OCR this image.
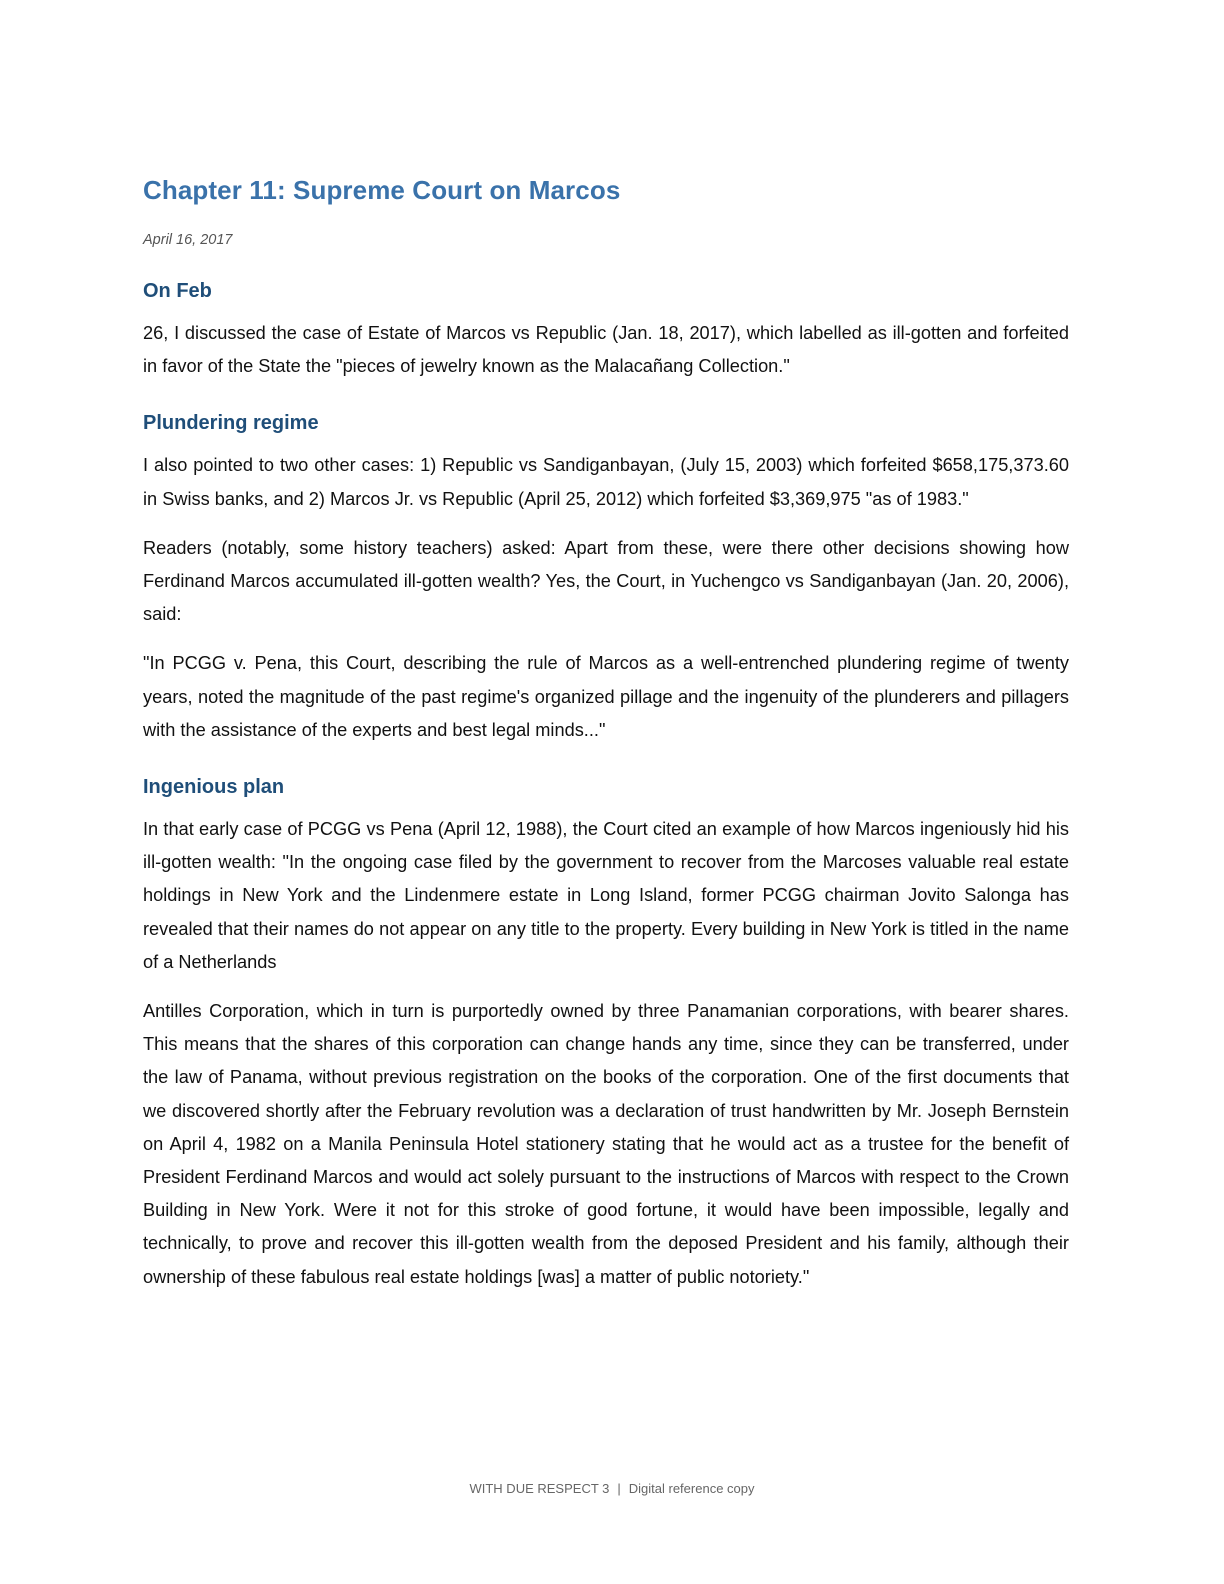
Chapter 11: Supreme Court on Marcos
April 16, 2017
On Feb

26, I discussed the case of Estate of Marcos vs Republic (Jan. 18, 2017), which labelled as ill-gotten and forfeited in favor of the State the "pieces of jewelry known as the Malacañang Collection."

Plundering regime

I also pointed to two other cases: 1) Republic vs Sandiganbayan, (July 15, 2003) which forfeited $658,175,373.60 in Swiss banks, and 2) Marcos Jr. vs Republic (April 25, 2012) which forfeited $3,369,975 "as of 1983."

Readers (notably, some history teachers) asked: Apart from these, were there other decisions showing how Ferdinand Marcos accumulated ill-gotten wealth? Yes, the Court, in Yuchengco vs Sandiganbayan (Jan. 20, 2006), said:

"In PCGG v. Pena, this Court, describing the rule of Marcos as a well-entrenched plundering regime of twenty years, noted the magnitude of the past regime's organized pillage and the ingenuity of the plunderers and pillagers with the assistance of the experts and best legal minds..."

Ingenious plan

In that early case of PCGG vs Pena (April 12, 1988), the Court cited an example of how Marcos ingeniously hid his ill-gotten wealth: "In the ongoing case filed by the government to recover from the Marcoses valuable real estate holdings in New York and the Lindenmere estate in Long Island, former PCGG chairman Jovito Salonga has revealed that their names do not appear on any title to the property. Every building in New York is titled in the name of a Netherlands

Antilles Corporation, which in turn is purportedly owned by three Panamanian corporations, with bearer shares. This means that the shares of this corporation can change hands any time, since they can be transferred, under the law of Panama, without previous registration on the books of the corporation. One of the first documents that we discovered shortly after the February revolution was a declaration of trust handwritten by Mr. Joseph Bernstein on April 4, 1982 on a Manila Peninsula Hotel stationery stating that he would act as a trustee for the benefit of President Ferdinand Marcos and would act solely pursuant to the instructions of Marcos with respect to the Crown Building in New York. Were it not for this stroke of good fortune, it would have been impossible, legally and technically, to prove and recover this ill-gotten wealth from the deposed President and his family, although their ownership of these fabulous real estate holdings [was] a matter of public notoriety."

WITH DUE RESPECT 3 | Digital reference copy
